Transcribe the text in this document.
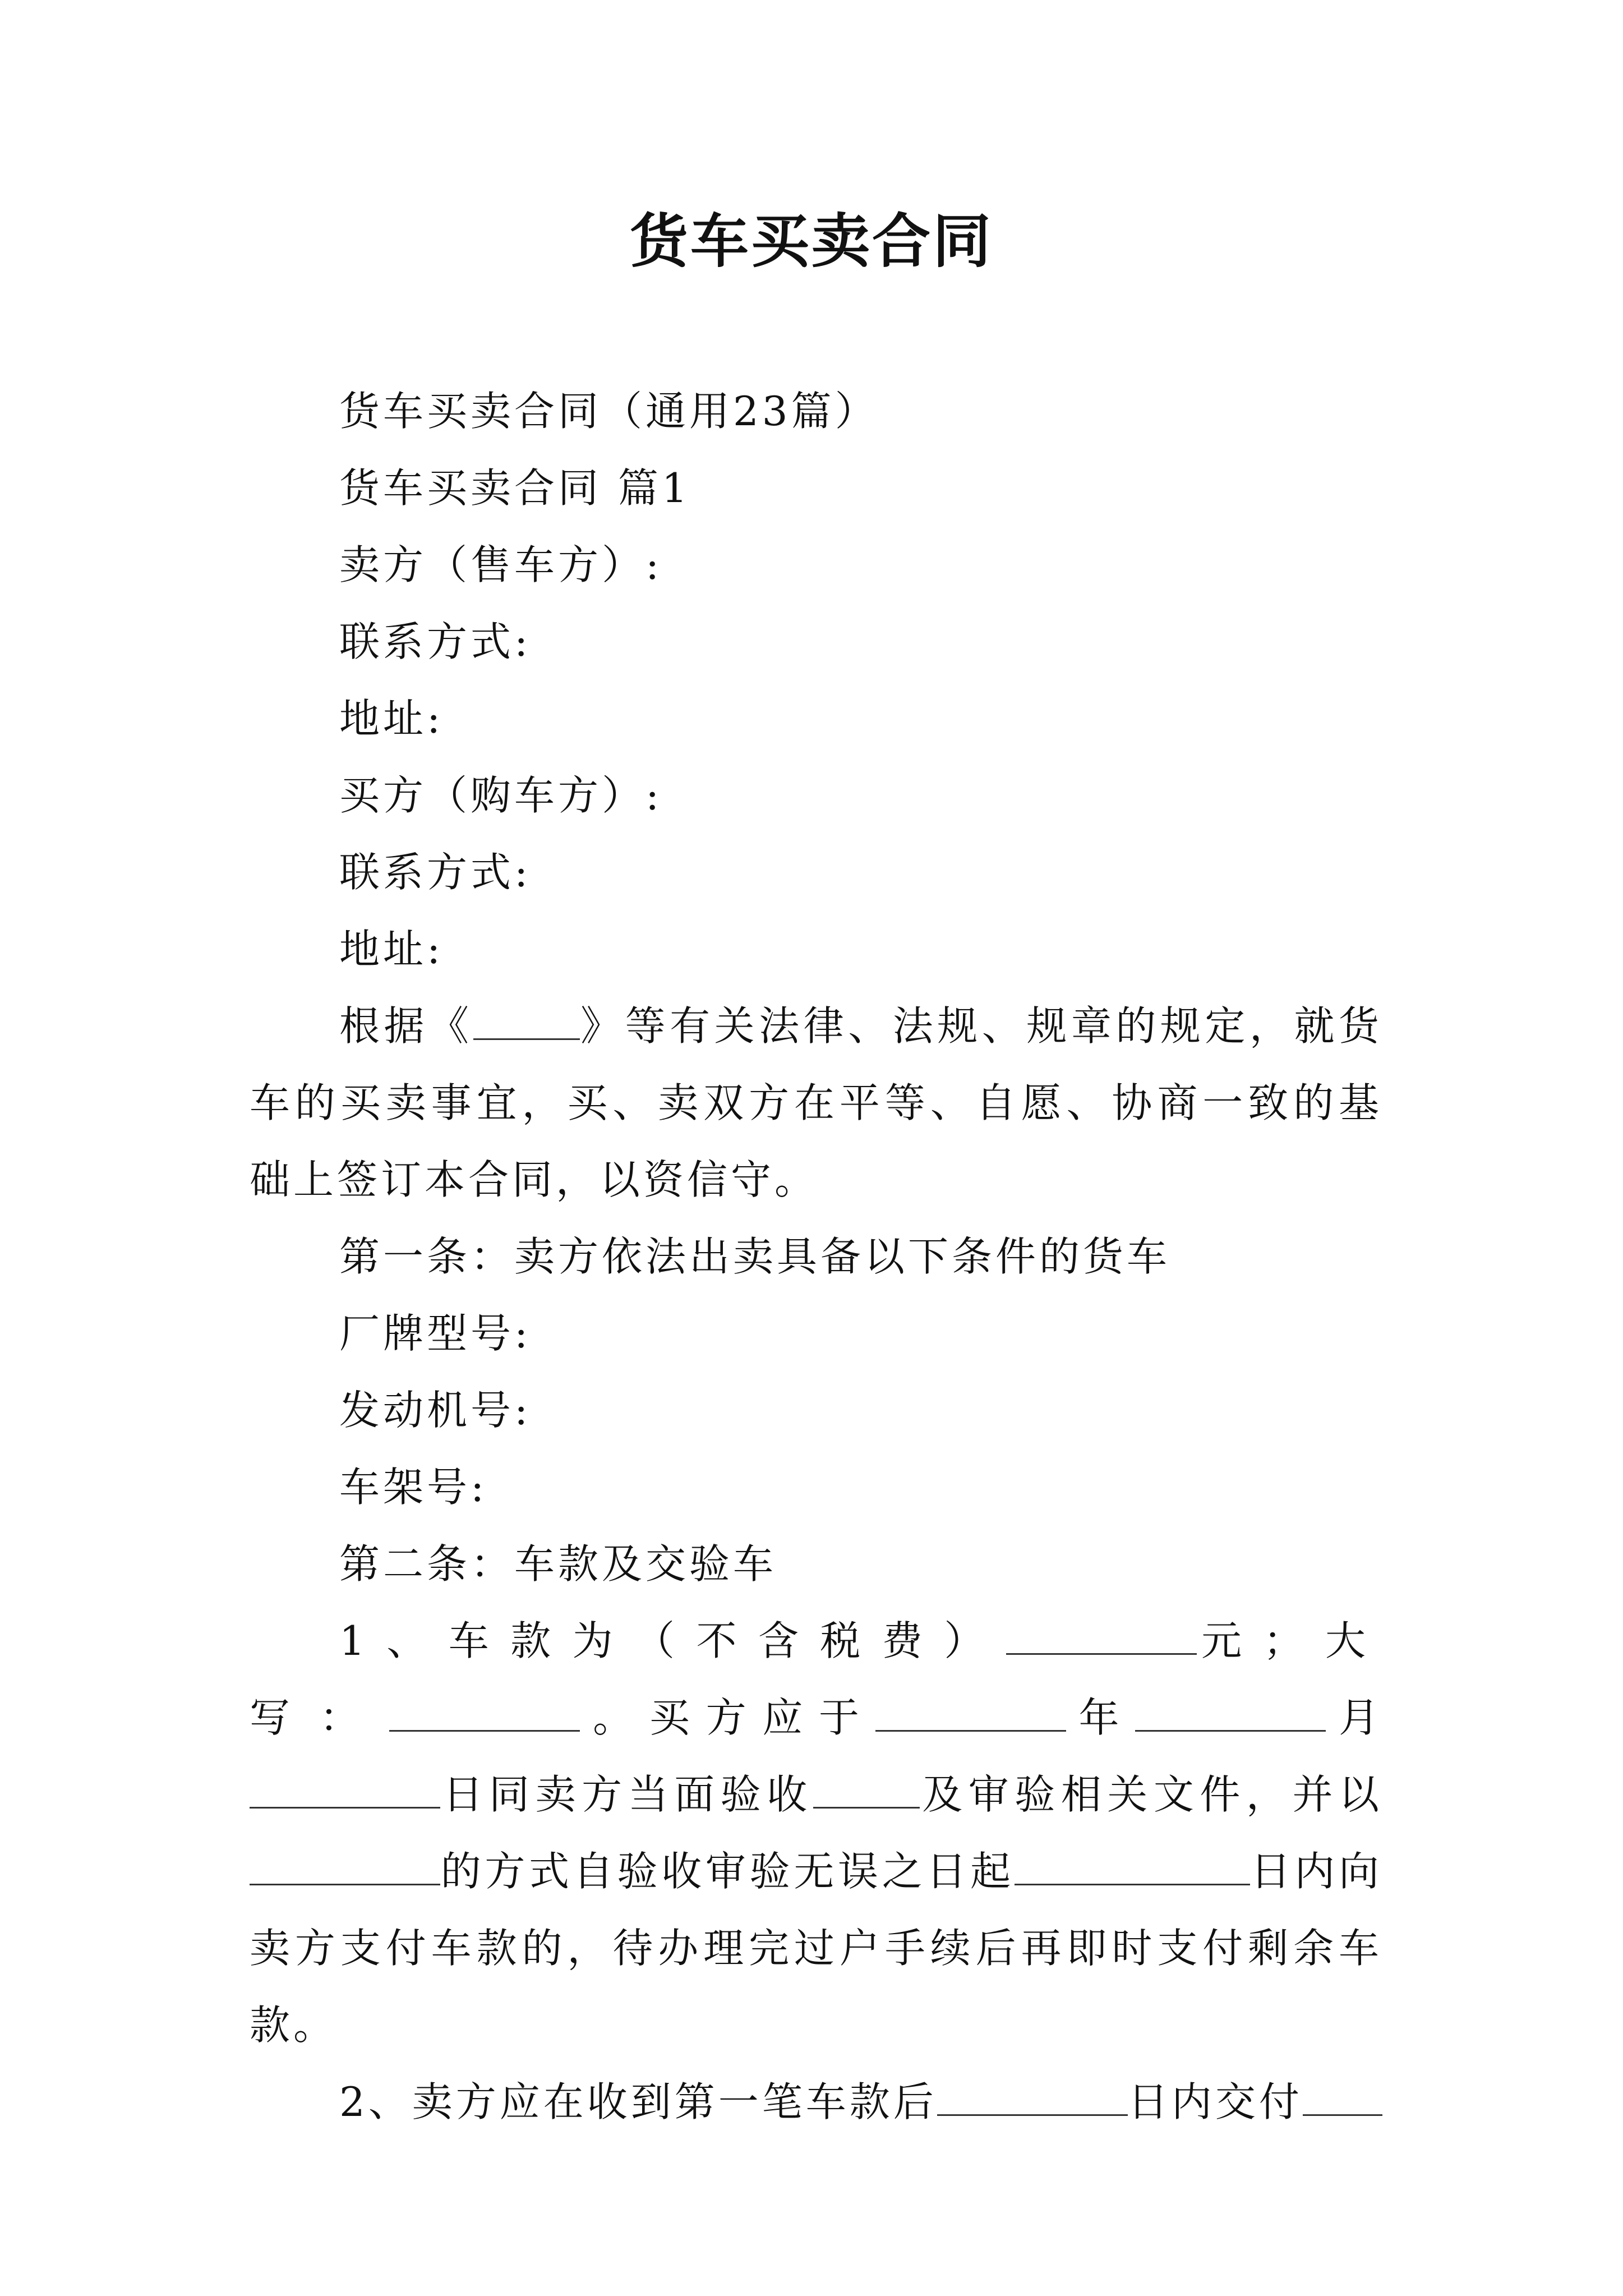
货车买卖合同

货车买卖合同（通用23篇）

货车买卖合同 篇1

卖方（售车方）:

联系方式:

地址:

买方（购车方）:

联系方式:

地址:

根据《	》等有关法律、法规、规章的规定，就货车的买卖事宜，买、卖双方在平等、自愿、协商一致的基础上签订本合同，以资信守。

第一条：卖方依法出卖具备以下条件的货车

厂牌型号:

发动机号:

车架号:

第二条：车款及交验车

1、车款为（不含税费）	元；大写：	。买方应于	年	月日同卖方当面验收	及审验相关文件，并以的方式自验收审验无误之日起	日内向卖方支付车款的，待办理完过户手续后再即时支付剩余车款。

2、卖方应在收到第一笔车款后	日内交付
